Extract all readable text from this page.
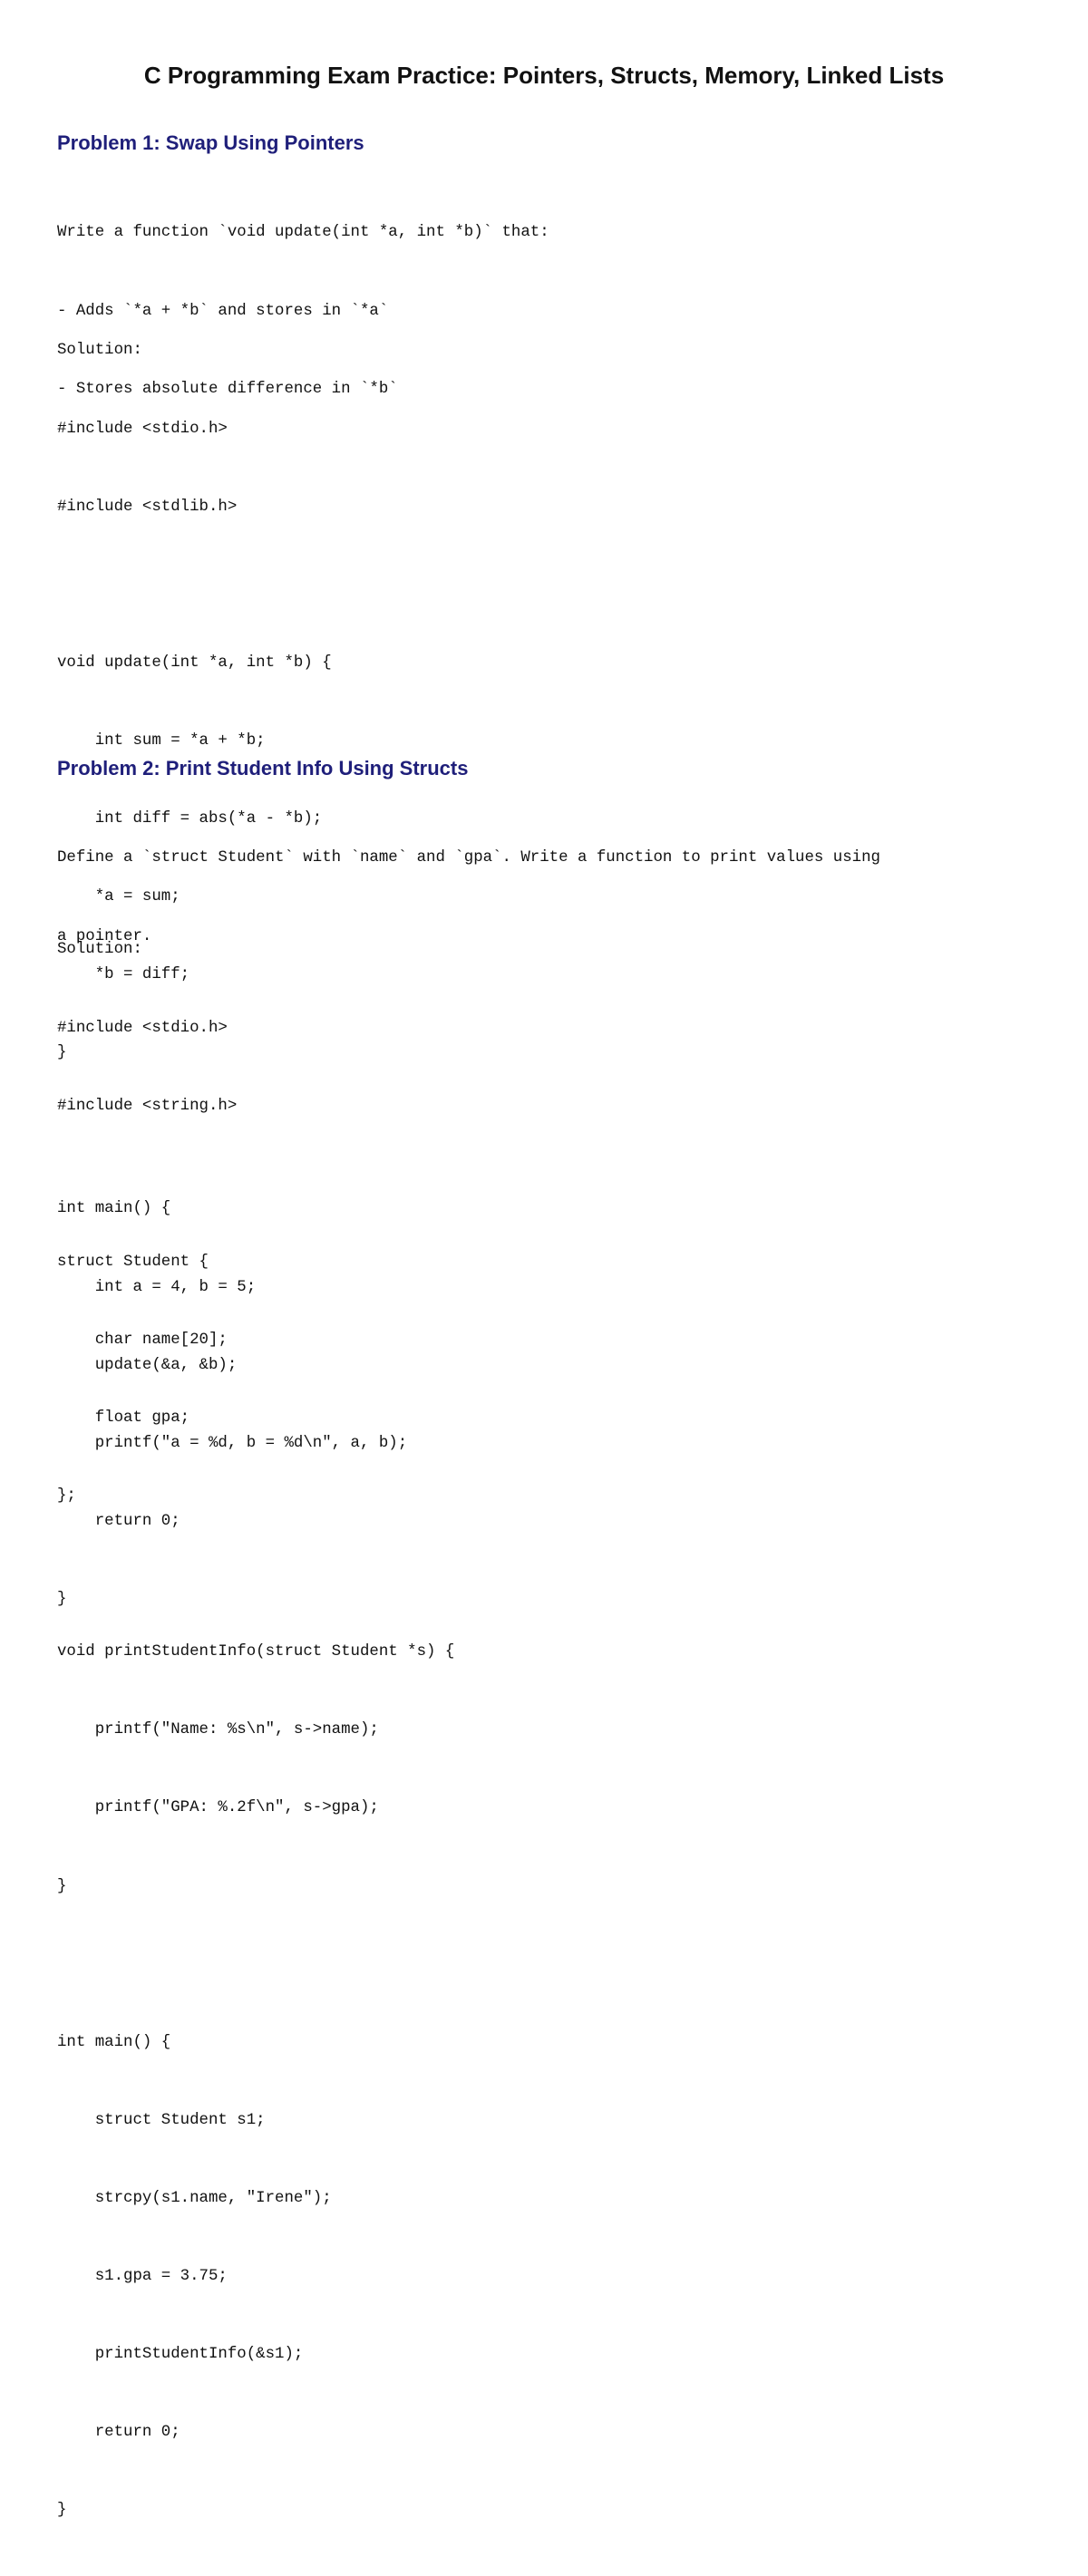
C Programming Exam Practice: Pointers, Structs, Memory, Linked Lists
Problem 1: Swap Using Pointers

Write a function `void update(int *a, int *b)` that:

- Adds `*a + *b` and stores in `*a`

- Stores absolute difference in `*b`

Solution:

#include <stdio.h>

#include <stdlib.h>

void update(int *a, int *b) {

int sum = *a + *b;

int diff = abs(*a - *b);

*a = sum;

*b = diff;

}

int main() {

int a = 4, b = 5;

update(&a, &b);

printf("a = %d, b = %d\n", a, b);

return 0;

}

Problem 2: Print Student Info Using Structs

Define a `struct Student` with `name` and `gpa`. Write a function to print values using

a pointer.

Solution:

#include <stdio.h>

#include <string.h>

struct Student {

char name[20];

float gpa;

};

void printStudentInfo(struct Student *s) {

printf("Name: %s\n", s->name);

printf("GPA: %.2f\n", s->gpa);

}

int main() {

struct Student s1;

strcpy(s1.name, "Irene");

s1.gpa = 3.75;

printStudentInfo(&s1);

return 0;

}
